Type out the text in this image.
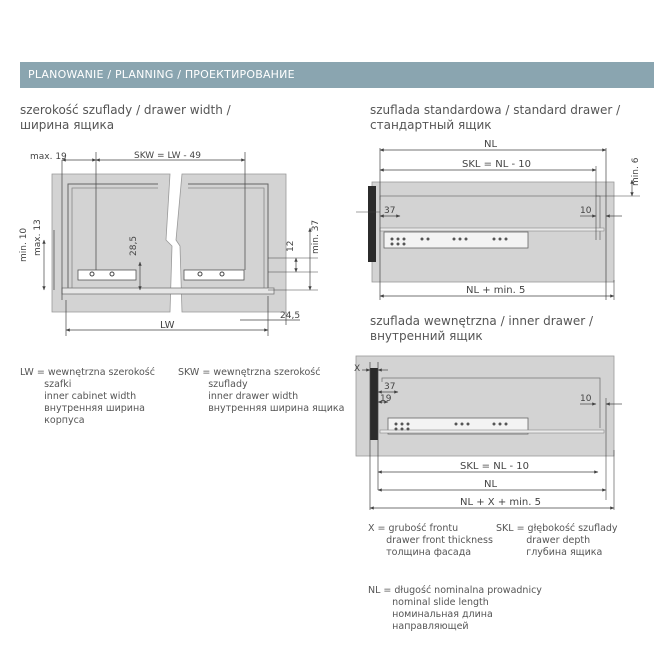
PLANOWANIE / PLANNING / ПРОЕКТИРОВАНИЕ
szerokość szuflady / drawer width /
ширина ящика
szuflada standardowa / standard drawer /
стандартный ящик
szuflada wewnętrzna / inner drawer /
внутренний ящик
max. 19	SKW = LW - 49
min. 10 max. 13	28,5	12 min. 37
24,5
LW
NL
SKL = NL - 10	min. 6
37	10
NL + min. 5
X
37
19	10
SKL = NL - 10
NL
NL + X + min. 5
LW = wewnętrzna szerokość
szafki
inner cabinet width
внутренняя ширина
корпуса
SKW = wewnętrzna szerokość
szuflady
inner drawer width
внутренняя ширина ящика
X = grubość frontu
drawer front thickness
толщина фасада
SKL = głębokość szuflady
drawer depth
глубина ящика
NL = długość nominalna prowadnicy
nominal slide length
номинальная длина
направляющей
